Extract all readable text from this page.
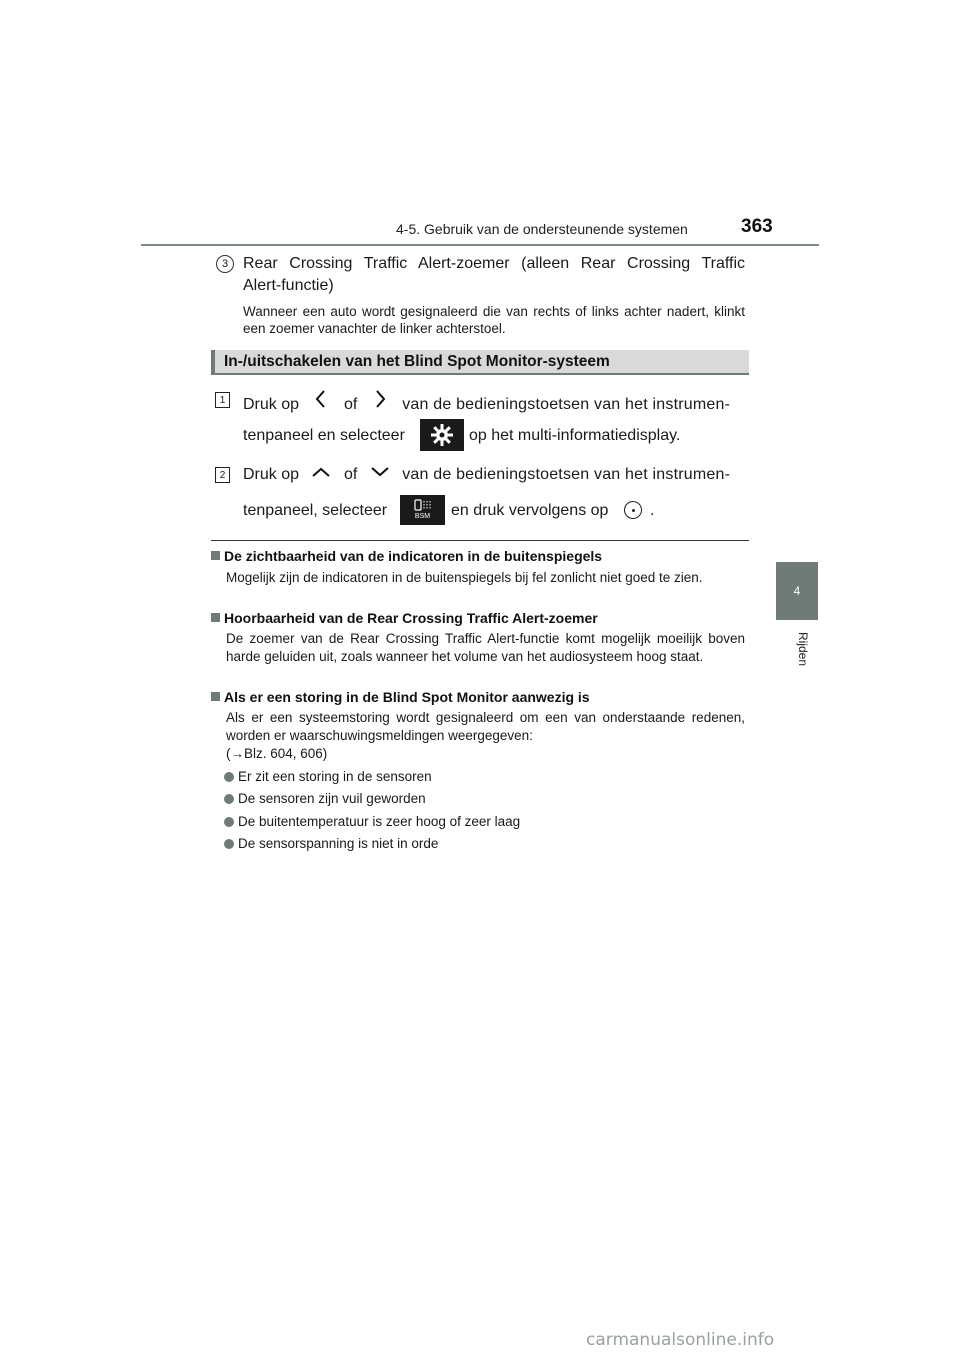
4-5. Gebruik van de ondersteunende systemen	363
4
Rijden
3 Rear Crossing Traffic Alert-zoemer (alleen Rear Crossing Traffic
Alert-functie)
Wanneer een auto wordt gesignaleerd die van rechts of links achter nadert, klinkt een zoemer vanachter de linker achterstoel.
In-/uitschakelen van het Blind Spot Monitor-systeem
1 Druk op	of	van de bedieningstoetsen van het instrumen-
tenpaneel en selecteer	op het multi-informatiedisplay.
2 Druk op	of	van de bedieningstoetsen van het instrumen-
tenpaneel, selecteer	BSM en druk vervolgens op	.
De zichtbaarheid van de indicatoren in de buitenspiegels
Mogelijk zijn de indicatoren in de buitenspiegels bij fel zonlicht niet goed te zien.
Hoorbaarheid van de Rear Crossing Traffic Alert-zoemer
De zoemer van de Rear Crossing Traffic Alert-functie komt mogelijk moeilijk boven harde geluiden uit, zoals wanneer het volume van het audiosysteem hoog staat.
Als er een storing in de Blind Spot Monitor aanwezig is
Als er een systeemstoring wordt gesignaleerd om een van onderstaande redenen, worden er waarschuwingsmeldingen weergegeven:
(→Blz. 604, 606)
Er zit een storing in de sensoren
De sensoren zijn vuil geworden
De buitentemperatuur is zeer hoog of zeer laag
De sensorspanning is niet in orde
carmanualsonline.info
